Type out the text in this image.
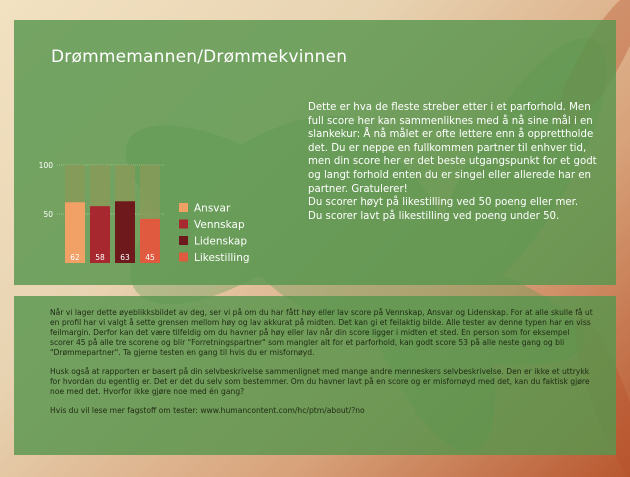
Drømmemannen/Drømmekvinnen
100
50
62 58 63 45
Ansvar
Vennskap
Lidenskap
Likestilling

Dette er hva de fleste streber etter i et parforhold. Men full score her kan sammenliknes med å nå sine mål i en slankekur: Å nå målet er ofte lettere enn å opprettholde det. Du er neppe en fullkommen partner til enhver tid, men din score her er det beste utgangspunkt for et godt og langt forhold enten du er singel eller allerede har en partner. Gratulerer!

Du scorer høyt på likestilling ved 50 poeng eller mer.

Du scorer lavt på likestilling ved poeng under 50.

Når vi lager dette øyeblikksbildet av deg, ser vi på om du har fått høy eller lav score på Vennskap, Ansvar og Lidenskap. For at alle skulle få ut en profil har vi valgt å sette grensen mellom høy og lav akkurat på midten. Det kan gi et feilaktig bilde. Alle tester av denne typen har en viss feilmargin. Derfor kan det være tilfeldig om du havner på høy eller lav når din score ligger i midten et sted. En person som for eksempel scorer 45 på alle tre scorene og blir "Forretningspartner" som mangler alt for et parforhold, kan godt score 53 på alle neste gang og bli "Drømmepartner". Ta gjerne testen en gang til hvis du er misfornøyd.

Husk også at rapporten er basert på din selvbeskrivelse sammenlignet med mange andre menneskers selvbeskrivelse. Den er ikke et uttrykk for hvordan du egentlig er. Det er det du selv som bestemmer. Om du havner lavt på en score og er misfornøyd med det, kan du faktisk gjøre noe med det. Hvorfor ikke gjøre noe med én gang?

Hvis du vil lese mer fagstoff om tester: www.humancontent.com/hc/ptm/about/?no
